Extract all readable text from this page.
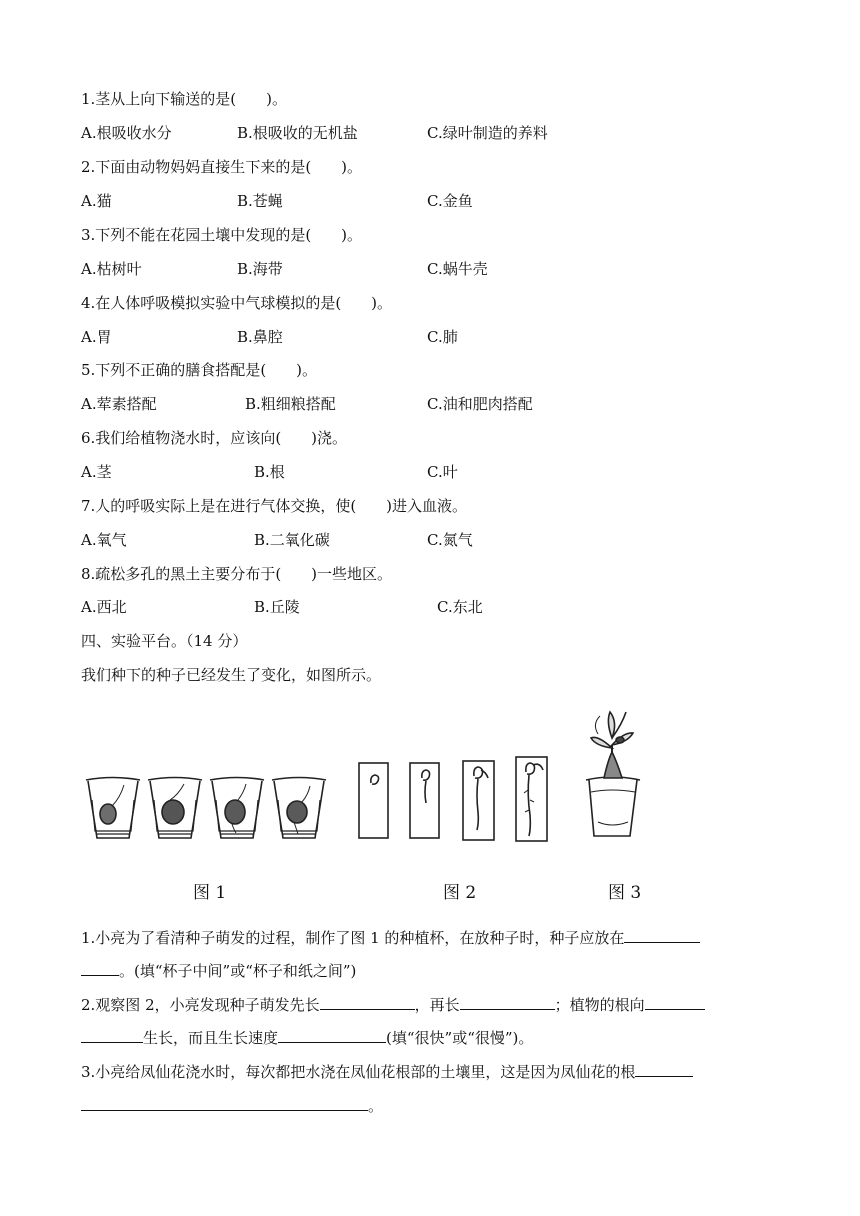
1.茎从上向下输送的是(　　)。
A.根吸收水分	B.根吸收的无机盐	C.绿叶制造的养料
2.下面由动物妈妈直接生下来的是(　　)。
A.猫	B.苍蝇	C.金鱼
3.下列不能在花园土壤中发现的是(　　)。
A.枯树叶	B.海带	C.蜗牛壳
4.在人体呼吸模拟实验中气球模拟的是(　　)。
A.胃	B.鼻腔	C.肺
5.下列不正确的膳食搭配是(　　)。
A.荤素搭配	B.粗细粮搭配	C.油和肥肉搭配
6.我们给植物浇水时，应该向(　　)浇。
A.茎	B.根	C.叶
7.人的呼吸实际上是在进行气体交换，使(　　)进入血液。
A.氧气	B.二氧化碳	C.氮气
8.疏松多孔的黑土主要分布于(　　)一些地区。
A.西北	B.丘陵	C.东北
四、实验平台。（14 分）
我们种下的种子已经发生了变化，如图所示。
图 1	图 2	图 3
1.小亮为了看清种子萌发的过程，制作了图 1 的种植杯，在放种子时，种子应放在
。(填“杯子中间”或“杯子和纸之间”)
2.观察图 2，小亮发现种子萌发先长	，再长	；植物的根向
生长，而且生长速度	(填“很快”或“很慢”)。
3.小亮给凤仙花浇水时，每次都把水浇在凤仙花根部的土壤里，这是因为凤仙花的根
。
